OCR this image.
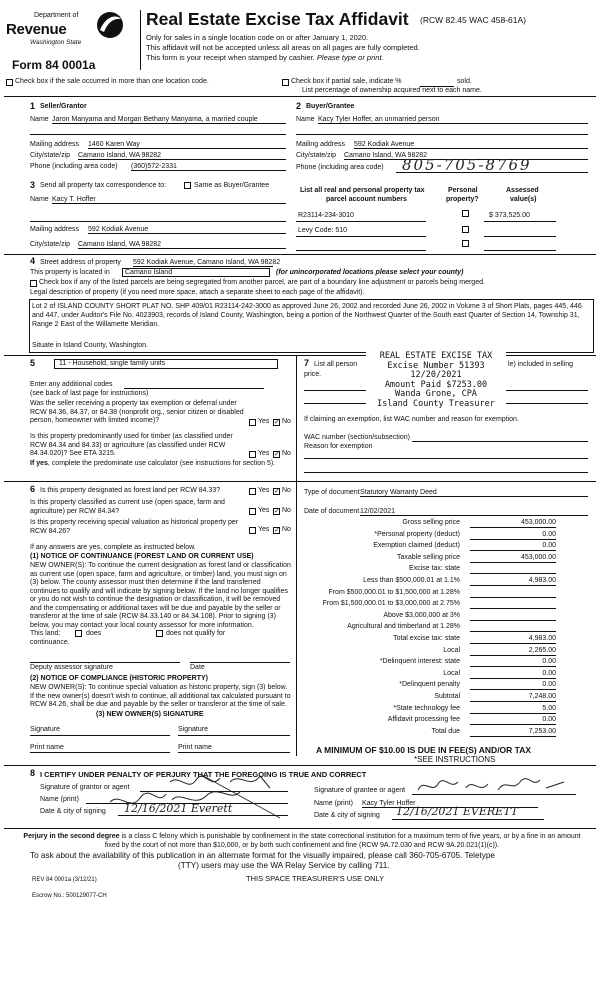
Department of
Revenue
Washington State
Form 84 0001a
Real Estate Excise Tax Affidavit (RCW 82.45 WAC 458-61A)
Only for sales in a single location code on or after January 1, 2020.
This affidavit will not be accepted unless all areas on all pages are fully completed.
This form is your receipt when stamped by cashier. Please type or print.
Check box if the sale occurred in more than one location code.	Check box if partial sale, indicate %	sold.
List percentage of ownership acquired next to each name.
1 Seller/Grantor
Name Jaron Manyama and Morgan Bethany Manyama, a married couple
Mailing address 1460 Karen Way
City/state/zip Camano Island, WA 98282
Phone (including area code) (360)572-2331
2 Buyer/Grantee
Name Kacy Tyler Hoffer, an unmarried person
Mailing address 592 Kodiak Avenue
City/state/zip Camano Island, WA 98282
Phone (including area code) 805-705-8769
3 Send all property tax correspondence to:	Same as Buyer/Grantee
Name Kacy T. Hoffer
Mailing address 592 Kodiak Avenue
City/state/zip Camano Island, WA 98282
List all real and personal property tax
parcel account numbers
Personal
property?
Assessed
value(s)
R23114-234-3010	$ 373,525.00
Levy Code: 510
4 Street address of property 592 Kodiak Avenue, Camano Island, WA 98282
This property is located in	Camano Island	(for unincorporated locations please select your county)
Check box if any of the listed parcels are being segregated from another parcel, are part of a boundary line adjustment or parcels being merged.
Legal description of property (if you need more space, attach a separate sheet to each page of the affidavit).
Lot 2 of ISLAND COUNTY SHORT PLAT NO. SHP 409/01 R23114-242-3000 as approved June 26, 2002 and recorded June 26, 2002 in Volume 3 of Short Plats, pages 445, 446 and 447, under Auditor's File No. 4023903, records of Island County, Washington, being a portion of the Northwest Quarter of the South east Quarter of Section 14, Township 31, Range 2 East of the Willamette Meridian.
Situate in Island County, Washington.
5	11 - Household, single family units
Enter any additional codes
(see back of last page for instructions)
Was the seller receiving a property tax exemption or deferral under RCW 84.36, 84.37, or 84.38 (nonprofit org., senior citizen or disabled person, homeowner with limited income)?	Yes ✓ No
Is this property predominantly used for timber (as classified under RCW 84.34 and 84.33) or agriculture (as classified under RCW 84.34.020)? See ETA 3215.	Yes ✓ No
If yes, complete the predominate use calculator (see instructions for section 5).
6 Is this property designated as forest land per RCW 84.33?	Yes ✓ No
Is this property classified as current use (open space, farm and agriculture) per RCW 84.34?	Yes ✓ No
Is this property receiving special valuation as historical property per RCW 84.26?	Yes ✓ No
If any answers are yes, complete as instructed below.
(1) NOTICE OF CONTINUANCE (FOREST LAND OR CURRENT USE)
NEW OWNER(S): To continue the current designation as forest land or classification as current use (open space, farm and agriculture, or timber) land, you must sign on (3) below. The county assessor must then determine if the land transferred continues to qualify and will indicate by signing below. If the land no longer qualifies or you do not wish to continue the designation or classification, it will be removed and the compensating or additional taxes will be due and payable by the seller or transferor at the time of sale (RCW 84.33.140 or 84.34.108). Prior to signing (3) below, you may contact your local county assessor for more information.
This land:	does	does not qualify for
continuance.
Deputy assessor signature	Date
(2) NOTICE OF COMPLIANCE (HISTORIC PROPERTY)
NEW OWNER(S): To continue special valuation as historic property, sign (3) below. If the new owner(s) doesn't wish to continue, all additional tax calculated pursuant to RCW 84.26, shall be due and payable by the seller or transferor at the time of sale.
(3) NEW OWNER(S) SIGNATURE
Signature	Signature
Print name	Print name
7 List all person	le) included in selling
price.
REAL ESTATE EXCISE TAX
Excise Number 51393
12/20/2021
Amount Paid $7253.00
Wanda Grone, CPA
Island County Treasurer
If claiming an exemption, list WAC number and reason for exemption.
WAC number (section/subsection)
Reason for exemption
Type of document Statutory Warranty Deed
Date of document 12/02/2021
Gross selling price	453,000.00
*Personal property (deduct)	0.00
Exemption claimed (deduct)	0.00
Taxable selling price	453,000.00
Excise tax: state
Less than $500,000.01 at 1.1%	4,983.00
From $500,000.01 to $1,500,000 at 1.28%
From $1,500,000.01 to $3,000,000 at 2.75%
Above $3,000,000 at 3%
Agricultural and timberland at 1.28%
Total excise tax: state	4,983.00
Local	2,265.00
*Delinquent interest: state	0.00
Local	0.00
*Delinquent penalty	0.00
Subtotal	7,248.00
*State technology fee	5.00
Affidavit processing fee	0.00
Total due	7,253.00
A MINIMUM OF $10.00 IS DUE IN FEE(S) AND/OR TAX
*SEE INSTRUCTIONS
8 I CERTIFY UNDER PENALTY OF PERJURY THAT THE FOREGOING IS TRUE AND CORRECT
Signature of grantor or agent
Name (print)
Date & city of signing 12/16/2021 Everett
Signature of grantee or agent
Name (print) Kacy Tyler Hoffer
Date & city of signing 12/16/2021 EVERETT
Perjury in the second degree is a class C felony which is punishable by confinement in the state correctional institution for a maximum term of five years, or by a fine in an amount fixed by the court of not more than $10,000, or by both such confinement and fine (RCW 9A.72.030 and RCW 9A.20.021(1)(c)).
To ask about the availability of this publication in an alternate format for the visually impaired, please call 360-705-6705. Teletype
(TTY) users may use the WA Relay Service by calling 711.
REV 84 0001a (3/12/21)	THIS SPACE TREASURER'S USE ONLY
Escrow No.: 500129077-CH
